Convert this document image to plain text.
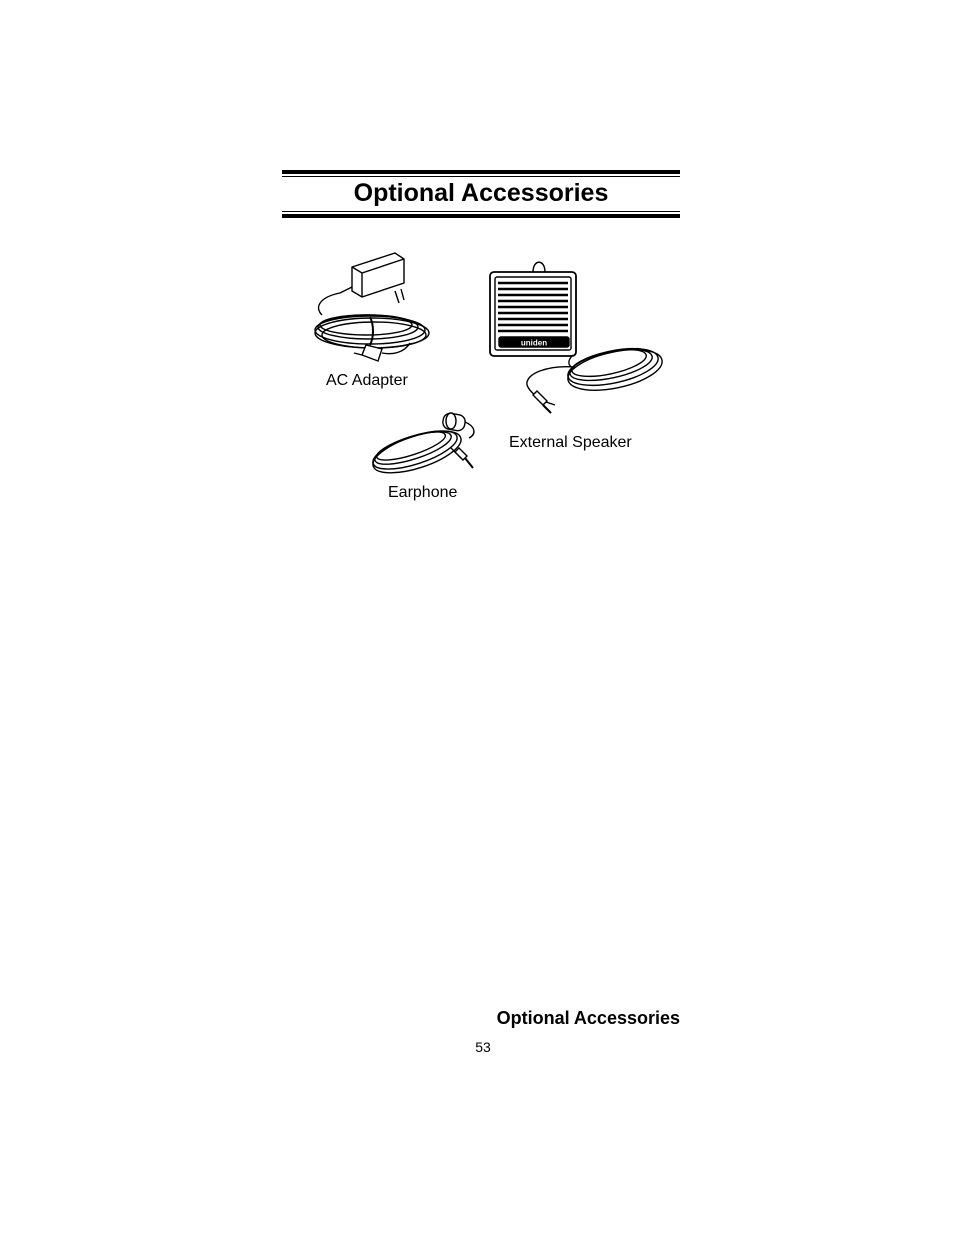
Optional Accessories
AC Adapter
uniden
External Speaker
Earphone
Optional Accessories
53
